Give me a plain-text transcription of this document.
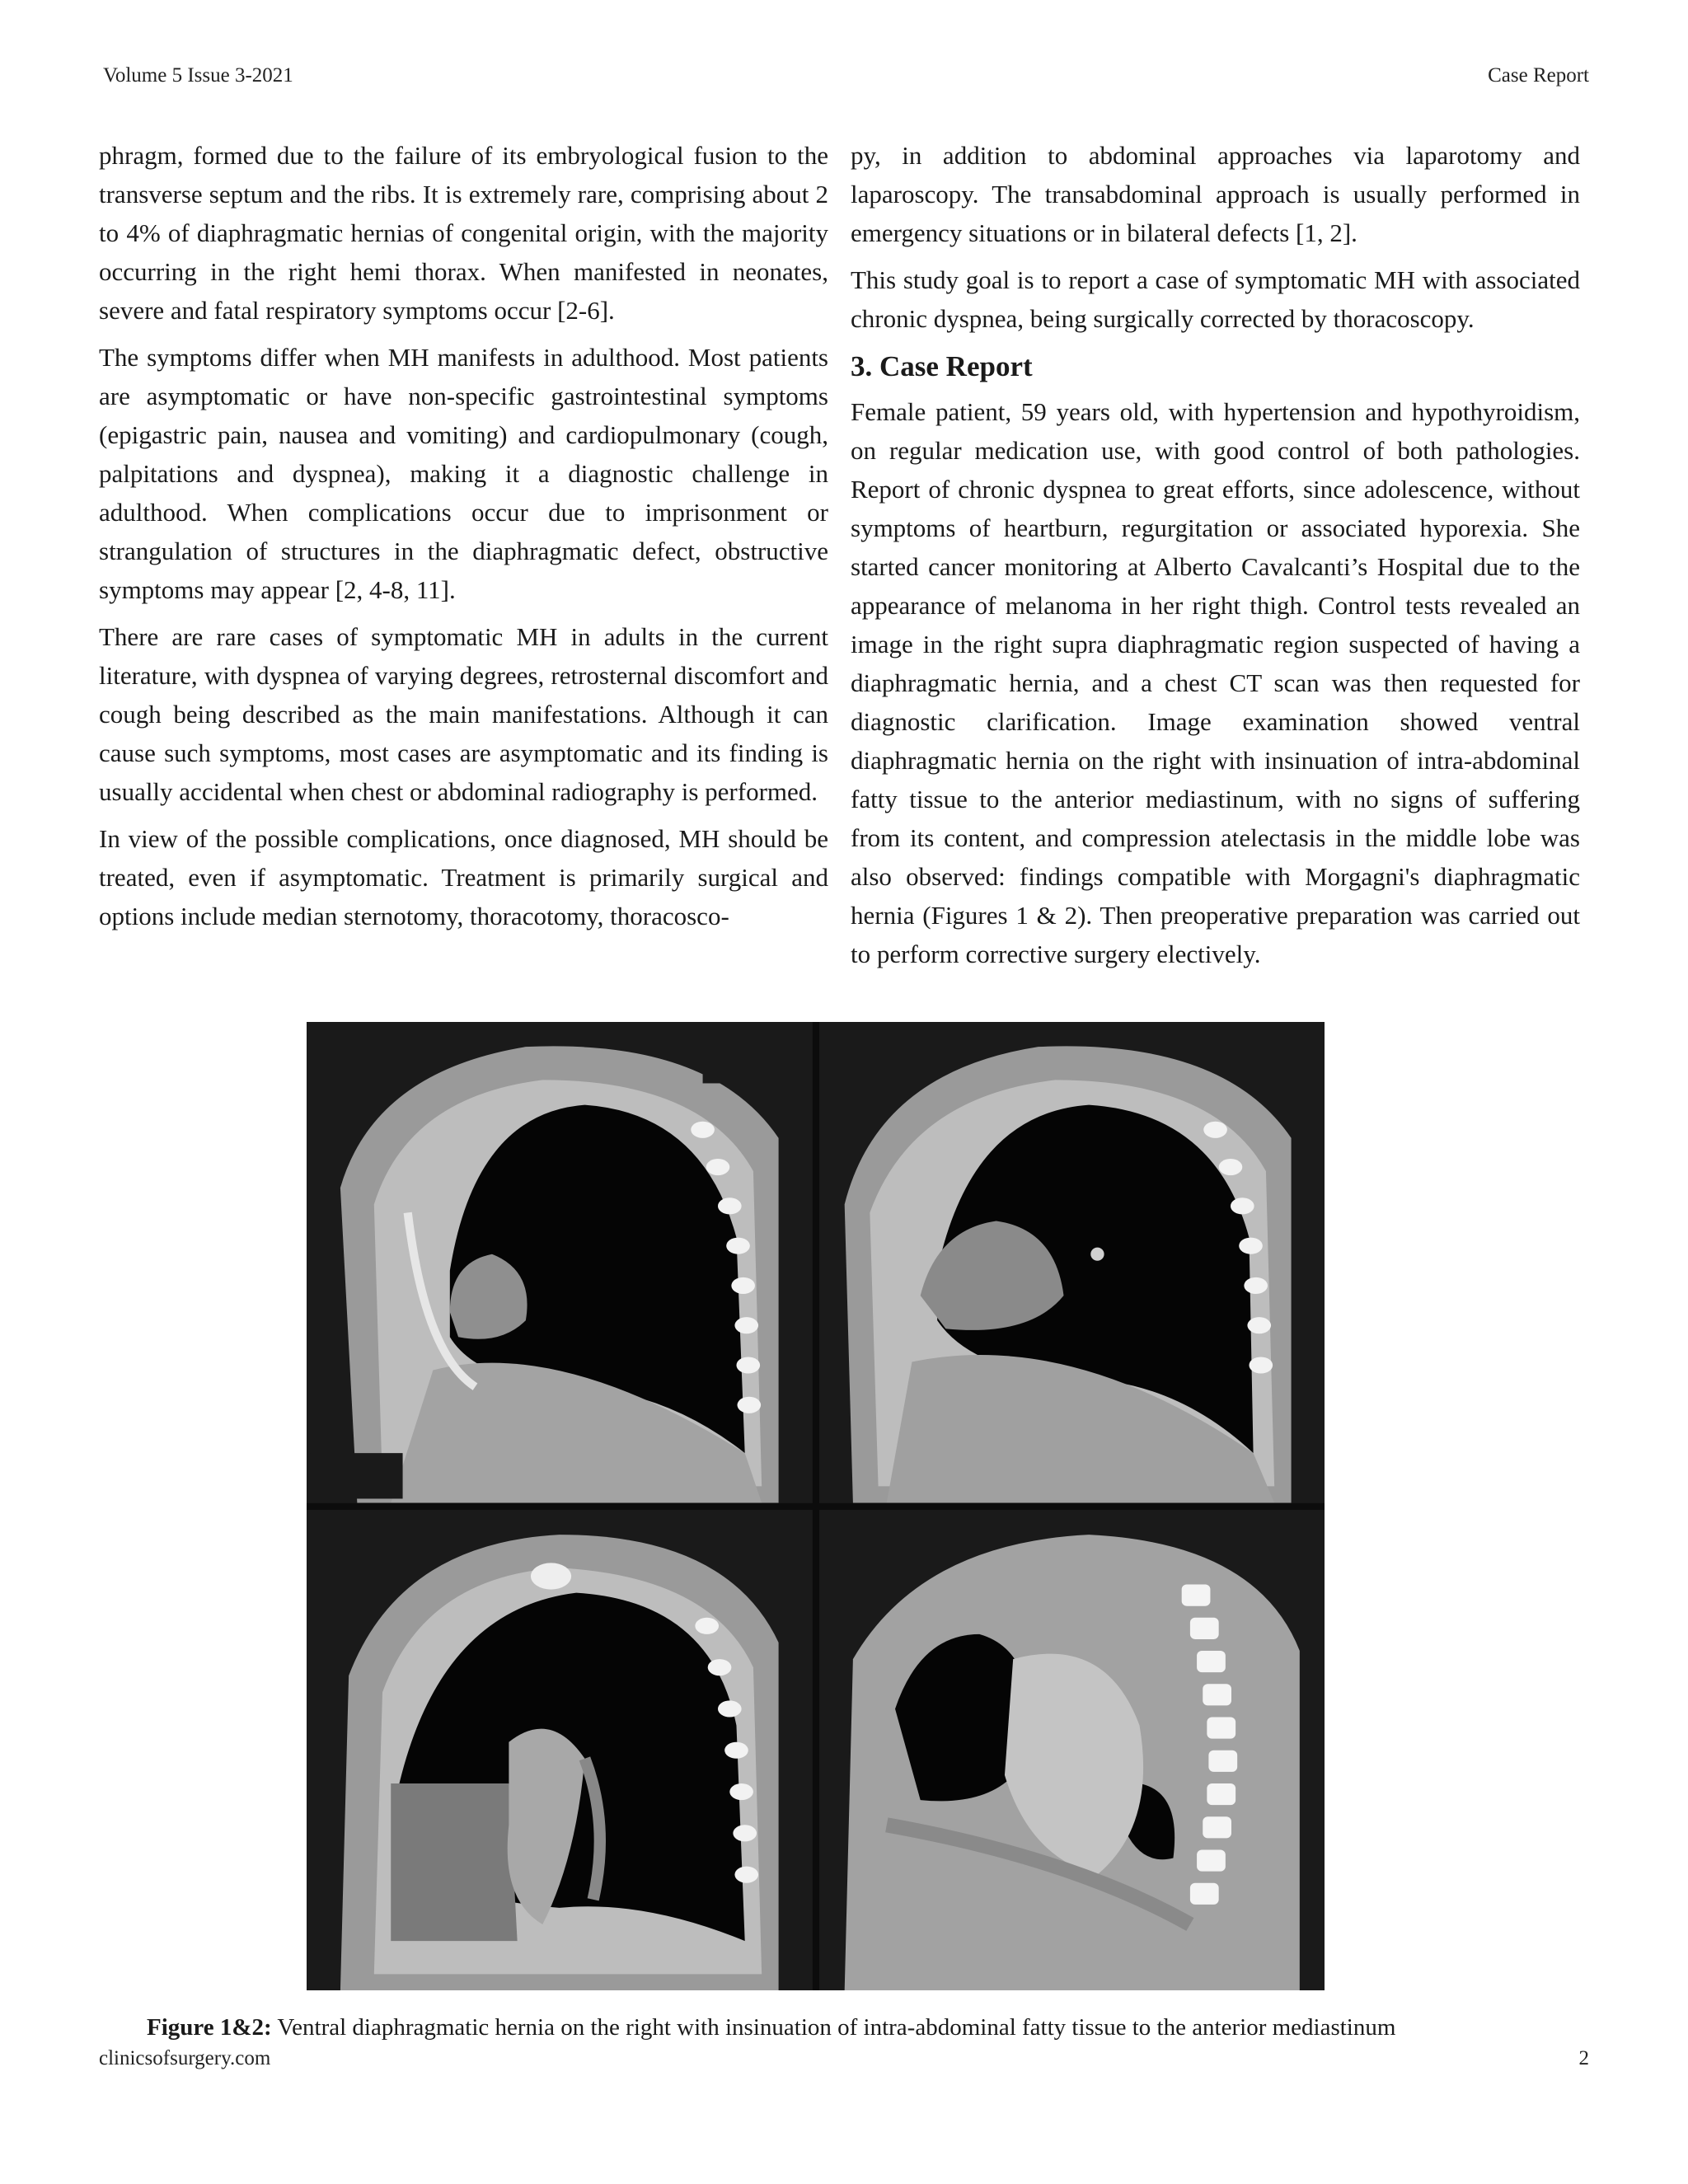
Volume 5 Issue 3-2021	Case Report

phragm, formed due to the failure of its embryological fusion to the transverse septum and the ribs. It is extremely rare, comprising about 2 to 4% of diaphragmatic hernias of congenital origin, with the majority occurring in the right hemi thorax. When manifested in neonates, severe and fatal respiratory symptoms occur [2-6].

The symptoms differ when MH manifests in adulthood. Most patients are asymptomatic or have non-specific gastrointestinal symptoms (epigastric pain, nausea and vomiting) and cardiopulmonary (cough, palpitations and dyspnea), making it a diagnostic challenge in adulthood. When complications occur due to imprisonment or strangulation of structures in the diaphragmatic defect, obstructive symptoms may appear [2, 4-8, 11].

There are rare cases of symptomatic MH in adults in the current literature, with dyspnea of varying degrees, retrosternal discomfort and cough being described as the main manifestations. Although it can cause such symptoms, most cases are asymptomatic and its finding is usually accidental when chest or abdominal radiography is performed.

In view of the possible complications, once diagnosed, MH should be treated, even if asymptomatic. Treatment is primarily surgical and options include median sternotomy, thoracotomy, thoracosco-

py, in addition to abdominal approaches via laparotomy and laparoscopy. The transabdominal approach is usually performed in emergency situations or in bilateral defects [1, 2].

This study goal is to report a case of symptomatic MH with associated chronic dyspnea, being surgically corrected by thoracoscopy.

3. Case Report

Female patient, 59 years old, with hypertension and hypothyroidism, on regular medication use, with good control of both pathologies. Report of chronic dyspnea to great efforts, since adolescence, without symptoms of heartburn, regurgitation or associated hyporexia. She started cancer monitoring at Alberto Cavalcanti’s Hospital due to the appearance of melanoma in her right thigh. Control tests revealed an image in the right supra diaphragmatic region suspected of having a diaphragmatic hernia, and a chest CT scan was then requested for diagnostic clarification. Image examination showed ventral diaphragmatic hernia on the right with insinuation of intra-abdominal fatty tissue to the anterior mediastinum, with no signs of suffering from its content, and compression atelectasis in the middle lobe was also observed: findings compatible with Morgagni's diaphragmatic hernia (Figures 1 & 2). Then preoperative preparation was carried out to perform corrective surgery electively.

Figure 1&2: Ventral diaphragmatic hernia on the right with insinuation of intra-abdominal fatty tissue to the anterior mediastinum
clinicsofsurgery.com	2
